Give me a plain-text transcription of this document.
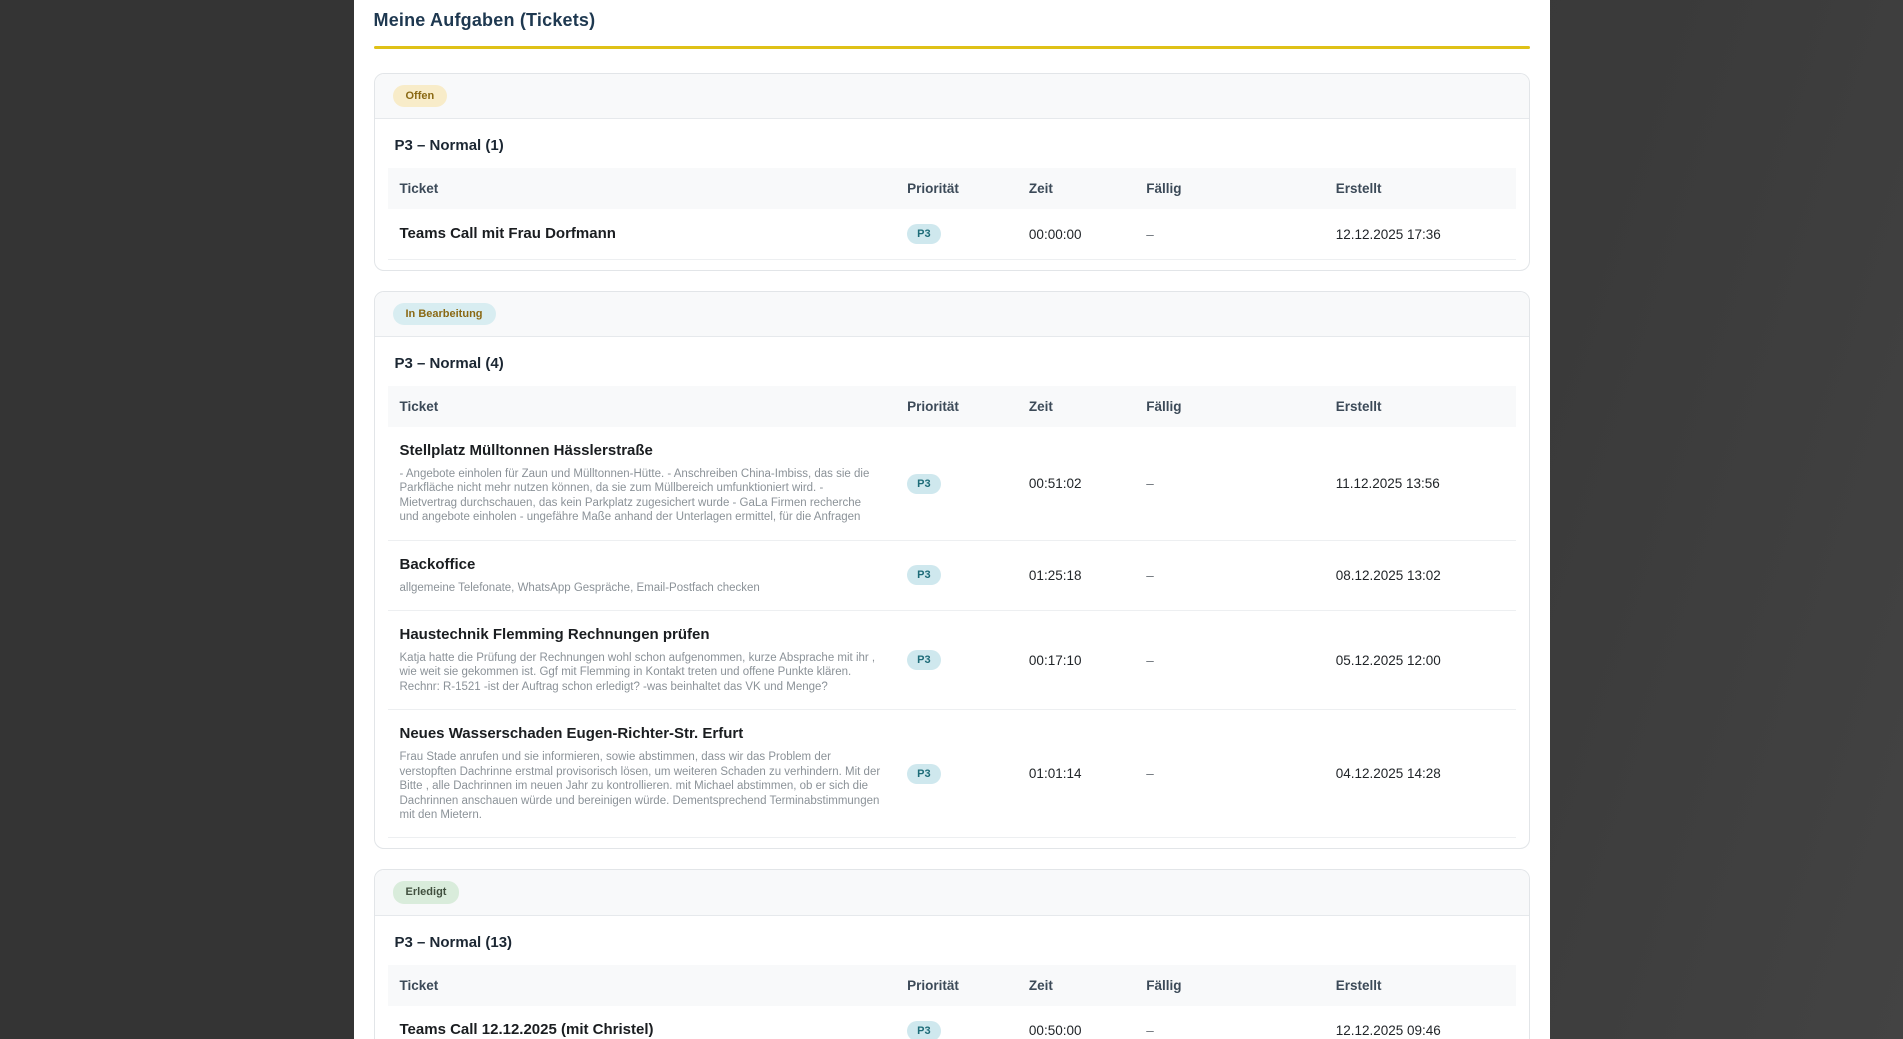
Meine Aufgaben (Tickets)
Offen
P3 – Normal (1)
Ticket	Priorität	Zeit	Fällig	Erstellt

Teams Call mit Frau Dorfmann	P3	00:00:00	–	12.12.2025 17:36
In Bearbeitung
P3 – Normal (4)
Ticket	Priorität	Zeit	Fällig	Erstellt

Stellplatz Mülltonnen Hässlerstraße
- Angebote einholen für Zaun und Mülltonnen-Hütte. - Anschreiben China-Imbiss, das sie die Parkfläche nicht mehr nutzen können, da sie zum Müllbereich umfunktioniert wird. - Mietvertrag durchschauen, das kein Parkplatz zugesichert wurde - GaLa Firmen recherche und angebote einholen - ungefähre Maße anhand der Unterlagen ermittel, für die Anfragen	P3	00:51:02	–	11.12.2025 13:56

Backoffice
allgemeine Telefonate, WhatsApp Gespräche, Email-Postfach checken	P3	01:25:18	–	08.12.2025 13:02

Haustechnik Flemming Rechnungen prüfen
Katja hatte die Prüfung der Rechnungen wohl schon aufgenommen, kurze Absprache mit ihr , wie weit sie gekommen ist. Ggf mit Flemming in Kontakt treten und offene Punkte klären. Rechnr: R-1521 -ist der Auftrag schon erledigt? -was beinhaltet das VK und Menge?	P3	00:17:10	–	05.12.2025 12:00

Neues Wasserschaden Eugen-Richter-Str. Erfurt
Frau Stade anrufen und sie informieren, sowie abstimmen, dass wir das Problem der verstopften Dachrinne erstmal provisorisch lösen, um weiteren Schaden zu verhindern. Mit der Bitte , alle Dachrinnen im neuen Jahr zu kontrollieren. mit Michael abstimmen, ob er sich die Dachrinnen anschauen würde und bereinigen würde. Dementsprechend Terminabstimmungen mit den Mietern.	P3	01:01:14	–	04.12.2025 14:28
Erledigt
P3 – Normal (13)
Ticket	Priorität	Zeit	Fällig	Erstellt

Teams Call 12.12.2025 (mit Christel)	P3	00:50:00	–	12.12.2025 09:46
